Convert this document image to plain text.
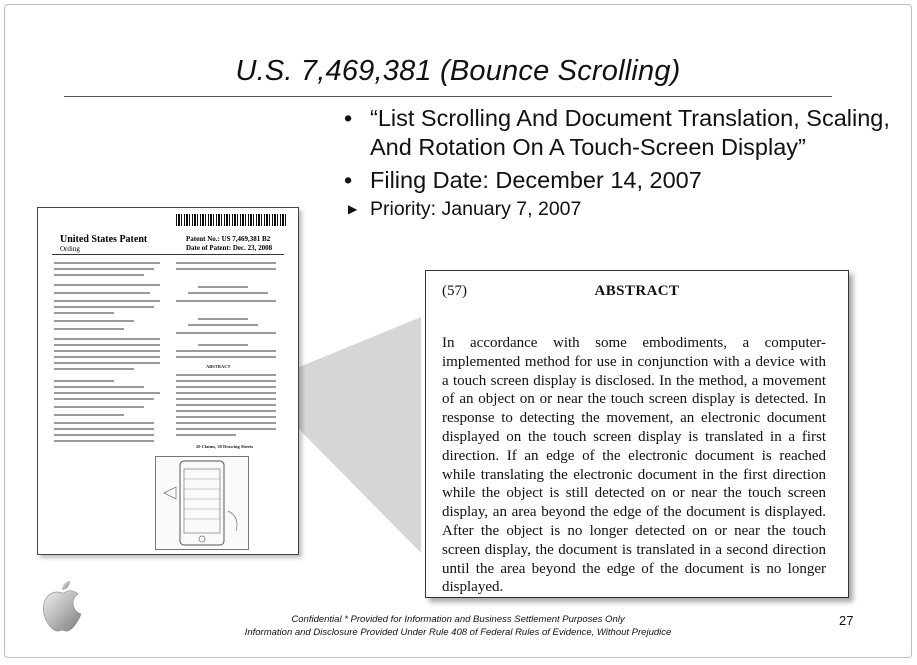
U.S. 7,469,381 (Bounce Scrolling)
• “List Scrolling And Document Translation, Scaling, And Rotation On A Touch-Screen Display”
• Filing Date: December 14, 2007
▶ Priority: January 7, 2007
United States Patent
Ording
Patent No.: US 7,469,381 B2
Date of Patent: Dec. 23, 2008
ABSTRACT
20 Claims, 30 Drawing Sheets
(57)	ABSTRACT
In accordance with some embodiments, a computer-implemented method for use in conjunction with a device with a touch screen display is disclosed. In the method, a movement of an object on or near the touch screen display is detected. In response to detecting the movement, an electronic document displayed on the touch screen display is translated in a first direction. If an edge of the electronic document is reached while translating the electronic document in the first direction while the object is still detected on or near the touch screen display, an area beyond the edge of the document is displayed. After the object is no longer detected on or near the touch screen display, the document is translated in a second direction until the area beyond the edge of the document is no longer displayed.
Confidential * Provided for Information and Business Settlement Purposes Only
Information and Disclosure Provided Under Rule 408 of Federal Rules of Evidence, Without Prejudice
27
